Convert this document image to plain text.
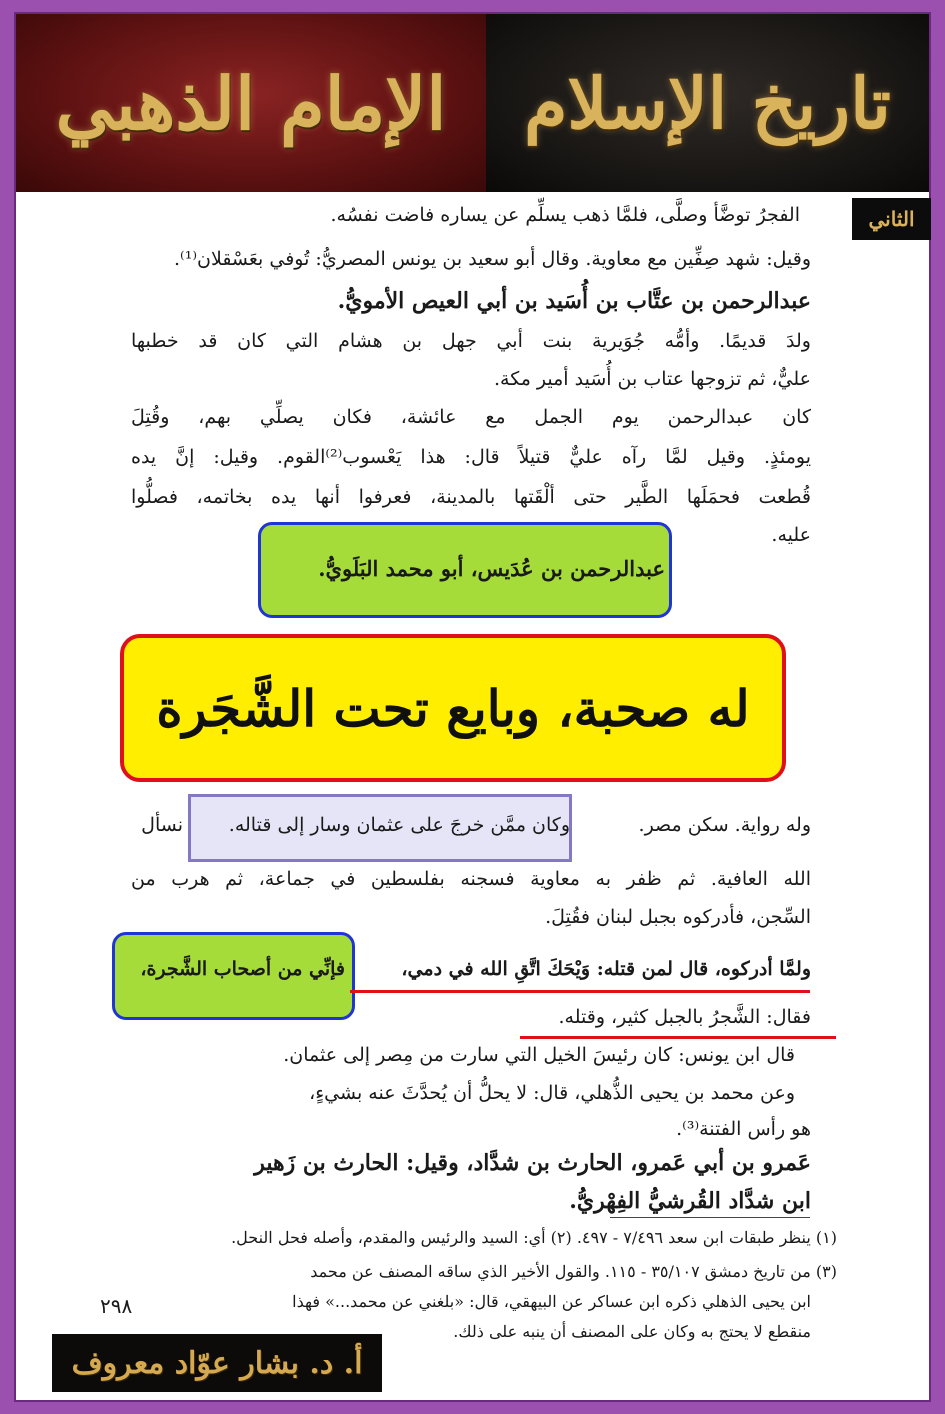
الإمام الذهبي تاريخ الإسلام
الثاني
الفجرُ توضَّأ وصلَّى، فلمَّا ذهب يسلِّم عن يساره فاضت نفسُه.
وقيل: شهد صِفِّين مع معاوية. وقال أبو سعيد بن يونس المصريُّ: تُوفي بعَسْقلان⁽¹⁾.
عبدالرحمن بن عتَّاب بن أُسَيد بن أبي العيص الأمويُّ.
ولدَ قديمًا. وأمُّه جُوَيرية بنت أبي جهل بن هشام التي كان قد خطبها
عليٌّ، ثم تزوجها عتاب بن أُسَيد أمير مكة.
كان عبدالرحمن يوم الجمل مع عائشة، فكان يصلِّي بهم، وقُتِلَ
يومئذٍ. وقيل لمَّا رآه عليٌّ قتيلاً قال: هذا يَعْسوب⁽²⁾القوم. وقيل: إنَّ يده
قُطعت فحمَلَها الطَّير حتى ألْقَتها بالمدينة، فعرفوا أنها يده بخاتمه، فصلُّوا
عليه.
عبدالرحمن بن عُدَيس، أبو محمد البَلَويُّ.
له صحبة، وبايع تحت الشَّجَرة
وله رواية. سكن مصر.
وكان ممَّن خرجَ على عثمان وسار إلى قتاله.
نسأل
الله العافية. ثم ظفر به معاوية فسجنه بفلسطين في جماعة، ثم هرب من
السِّجن، فأدركوه بجبل لبنان فقُتِلَ.
ولمَّا أدركوه، قال لمن قتله: وَيْحَكَ اتَّقِ الله في دمي،
فإنِّي من أصحاب الشَّجرة،
فقال: الشَّجرُ بالجبل كثير، وقتله.
قال ابن يونس: كان رئيسَ الخيل التي سارت من مِصر إلى عثمان.
وعن محمد بن يحيى الذُّهلي، قال: لا يحلُّ أن يُحدَّثَ عنه بشيءٍ،
هو رأس الفتنة⁽³⁾.
عَمرو بن أبي عَمرو، الحارث بن شدَّاد، وقيل: الحارث بن زَهير
ابن شدَّاد القُرشيُّ الفِهْريُّ.
(١) ينظر طبقات ابن سعد ٧/٤٩٦ - ٤٩٧. (٢) أي: السيد والرئيس والمقدم، وأصله فحل النحل.
(٣) من تاريخ دمشق ٣٥/١٠٧ - ١١٥. والقول الأخير الذي ساقه المصنف عن محمد
ابن يحيى الذهلي ذكره ابن عساكر عن البيهقي، قال: «بلغني عن محمد...» فهذا
منقطع لا يحتج به وكان على المصنف أن ينبه على ذلك.
٢٩٨
أ. د. بشار عوّاد معروف
